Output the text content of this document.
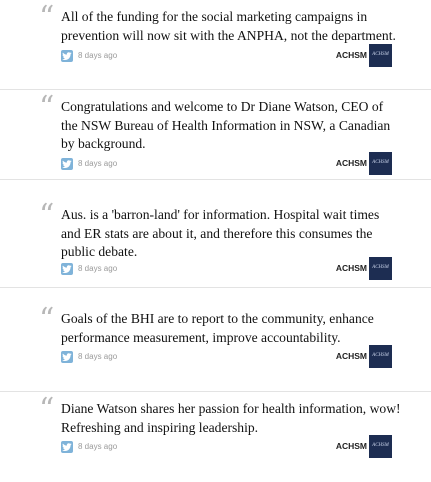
“ All of the funding for the social marketing campaigns in prevention will now sit with the ANPHA, not the department.
8 days ago	ACHSM	ACHSM
“ Congratulations and welcome to Dr Diane Watson, CEO of the NSW Bureau of Health Information in NSW, a Canadian by background.
8 days ago	ACHSM	ACHSM
“ Aus. is a 'barron-land' for information. Hospital wait times and ER stats are about it, and therefore this consumes the public debate.
8 days ago	ACHSM	ACHSM
“ Goals of the BHI are to report to the community, enhance performance measurement, improve accountability.
8 days ago	ACHSM	ACHSM
“ Diane Watson shares her passion for health information, wow! Refreshing and inspiring leadership.
8 days ago	ACHSM	ACHSM
